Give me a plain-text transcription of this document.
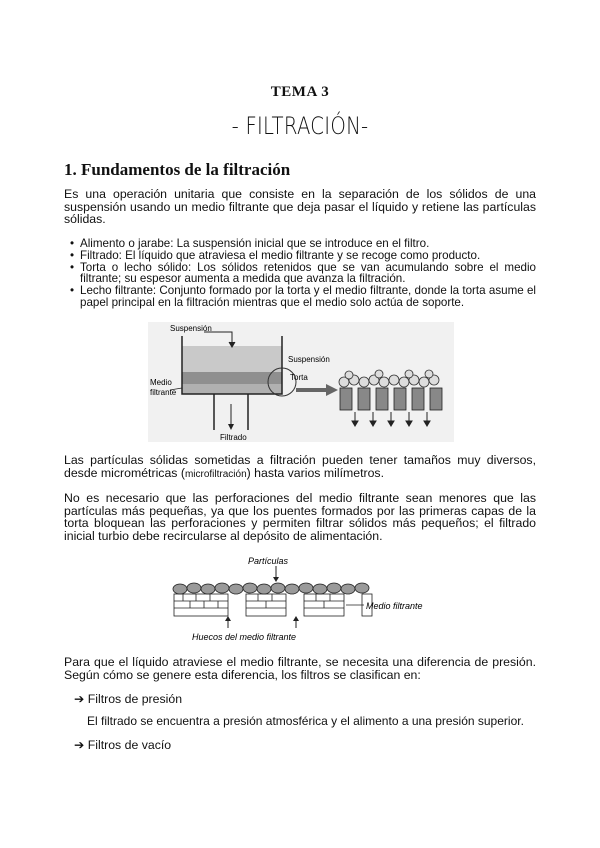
TEMA 3
- FILTRACIÓN-
1. Fundamentos de la filtración
Es una operación unitaria que consiste en la separación de los sólidos de una suspensión usando un medio filtrante que deja pasar el líquido y retiene las partículas sólidas.
• Alimento o jarabe: La suspensión inicial que se introduce en el filtro.
• Filtrado: El líquido que atraviesa el medio filtrante y se recoge como producto.
• Torta o lecho sólido: Los sólidos retenidos que se van acumulando sobre el medio filtrante; su espesor aumenta a medida que avanza la filtración.
• Lecho filtrante: Conjunto formado por la torta y el medio filtrante, donde la torta asume el papel principal en la filtración mientras que el medio solo actúa de soporte.
Suspensión
Suspensión
Torta
Medio
filtrante
Filtrado
Las partículas sólidas sometidas a filtración pueden tener tamaños muy diversos, desde micrométricas (microfiltración) hasta varios milímetros.
No es necesario que las perforaciones del medio filtrante sean menores que las partículas más pequeñas, ya que los puentes formados por las primeras capas de la torta bloquean las perforaciones y permiten filtrar sólidos más pequeños; el filtrado inicial turbio debe recircularse al depósito de alimentación.
Partículas
Medio filtrante
Huecos del medio filtrante
Para que el líquido atraviese el medio filtrante, se necesita una diferencia de presión. Según cómo se genere esta diferencia, los filtros se clasifican en:
➔ Filtros de presión
El filtrado se encuentra a presión atmosférica y el alimento a una presión superior.
➔ Filtros de vacío
